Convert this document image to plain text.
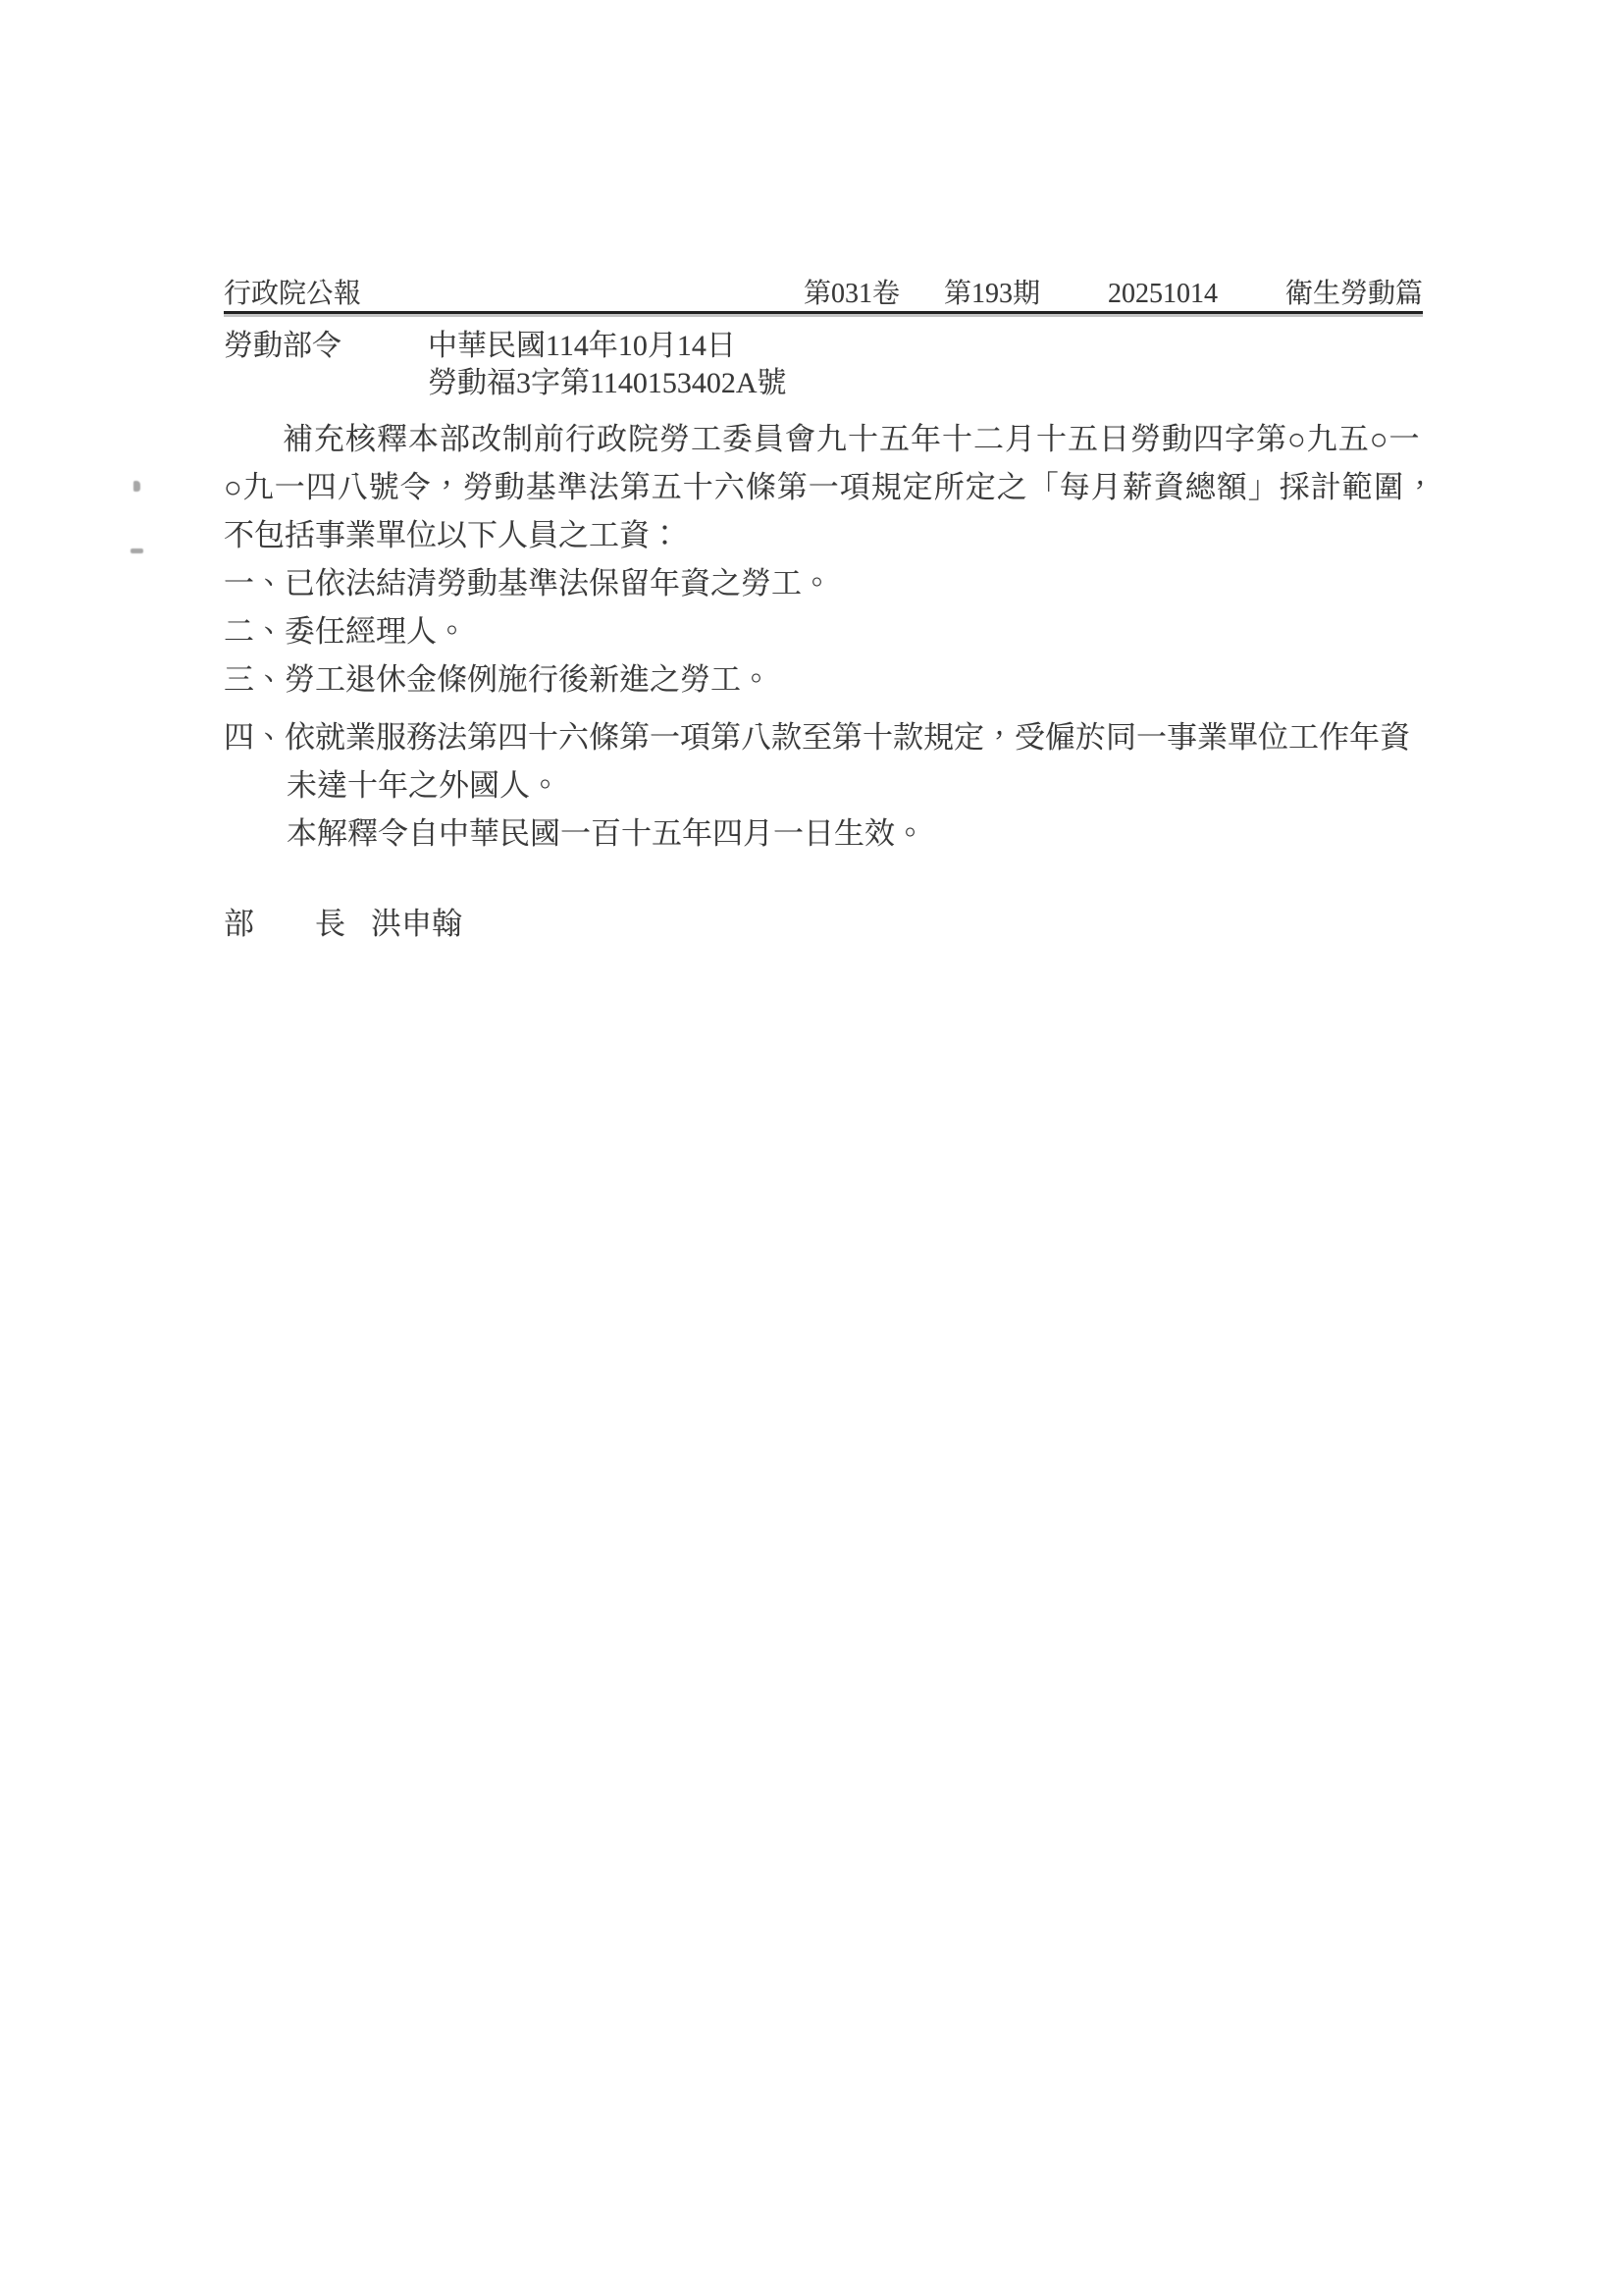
行政院公報	第031卷 第193期 20251014 衛生勞動篇
勞動部令	中華民國114年10月14日
勞動福3字第1140153402A號
補充核釋本部改制前行政院勞工委員會九十五年十二月十五日勞動四字第○九五○一
○九一四八號令，勞動基準法第五十六條第一項規定所定之「每月薪資總額」採計範圍，
不包括事業單位以下人員之工資：
一、已依法結清勞動基準法保留年資之勞工。
二、委任經理人。
三、勞工退休金條例施行後新進之勞工。
四、依就業服務法第四十六條第一項第八款至第十款規定，受僱於同一事業單位工作年資
未達十年之外國人。
本解釋令自中華民國一百十五年四月一日生效。
部 長 洪申翰
